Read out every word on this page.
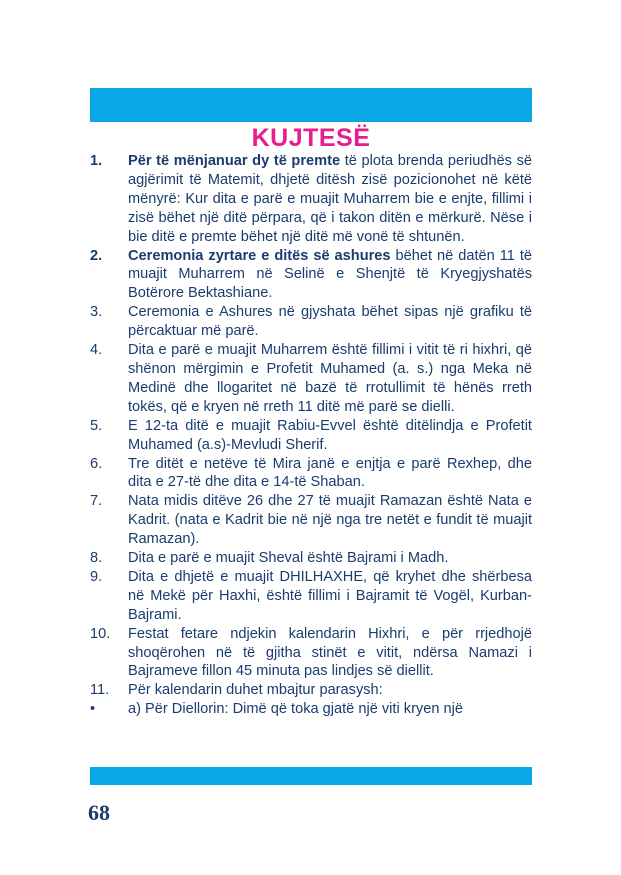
KUJTESË
1. Për të mënjanuar dy të premte të plota brenda periudhës së agjërimit të Matemit, dhjetë ditësh zisë pozicionohet në këtë mënyrë: Kur dita e parë e muajit Muharrem bie e enjte, fillimi i zisë bëhet një ditë përpara, që i takon ditën e mërkurë. Nëse i bie ditë e premte bëhet një ditë më vonë të shtunën.
2. Ceremonia zyrtare e ditës së ashures bëhet në datën 11 të muajit Muharrem në Selinë e Shenjtë të Kryegjyshatës Botërore Bektashiane.
3. Ceremonia e Ashures në gjyshata bëhet sipas një grafiku të përcaktuar më parë.
4. Dita e parë e muajit Muharrem është fillimi i vitit të ri hixhri, që shënon mërgimin e Profetit Muhamed (a. s.) nga Meka në Medinë dhe llogaritet në bazë të rrotullimit të hënës rreth tokës, që e kryen në rreth 11 ditë më parë se dielli.
5. E 12-ta ditë e muajit Rabiu-Evvel është ditëlindja e Profetit Muhamed (a.s)-Mevludi Sherif.
6. Tre ditët e netëve të Mira janë e enjtja e parë Rexhep, dhe dita e 27-të dhe dita e 14-të Shaban.
7. Nata midis ditëve 26 dhe 27 të muajit Ramazan është Nata e Kadrit. (nata e Kadrit bie në një nga tre netët e fundit të muajit Ramazan).
8. Dita e parë e muajit Sheval është Bajrami i Madh.
9. Dita e dhjetë e muajit DHILHAXHE, që kryhet dhe shërbesa në Mekë për Haxhi, është fillimi i Bajramit të Vogël, Kurban-Bajrami.
10. Festat fetare ndjekin kalendarin Hixhri, e për rrjedhojë shoqërohen në të gjitha stinët e vitit, ndërsa Namazi i Bajrameve fillon 45 minuta pas lindjes së diellit.
11. Për kalendarin duhet mbajtur parasysh:
• a) Për Diellorin: Dimë që toka gjatë një viti kryen një
68
